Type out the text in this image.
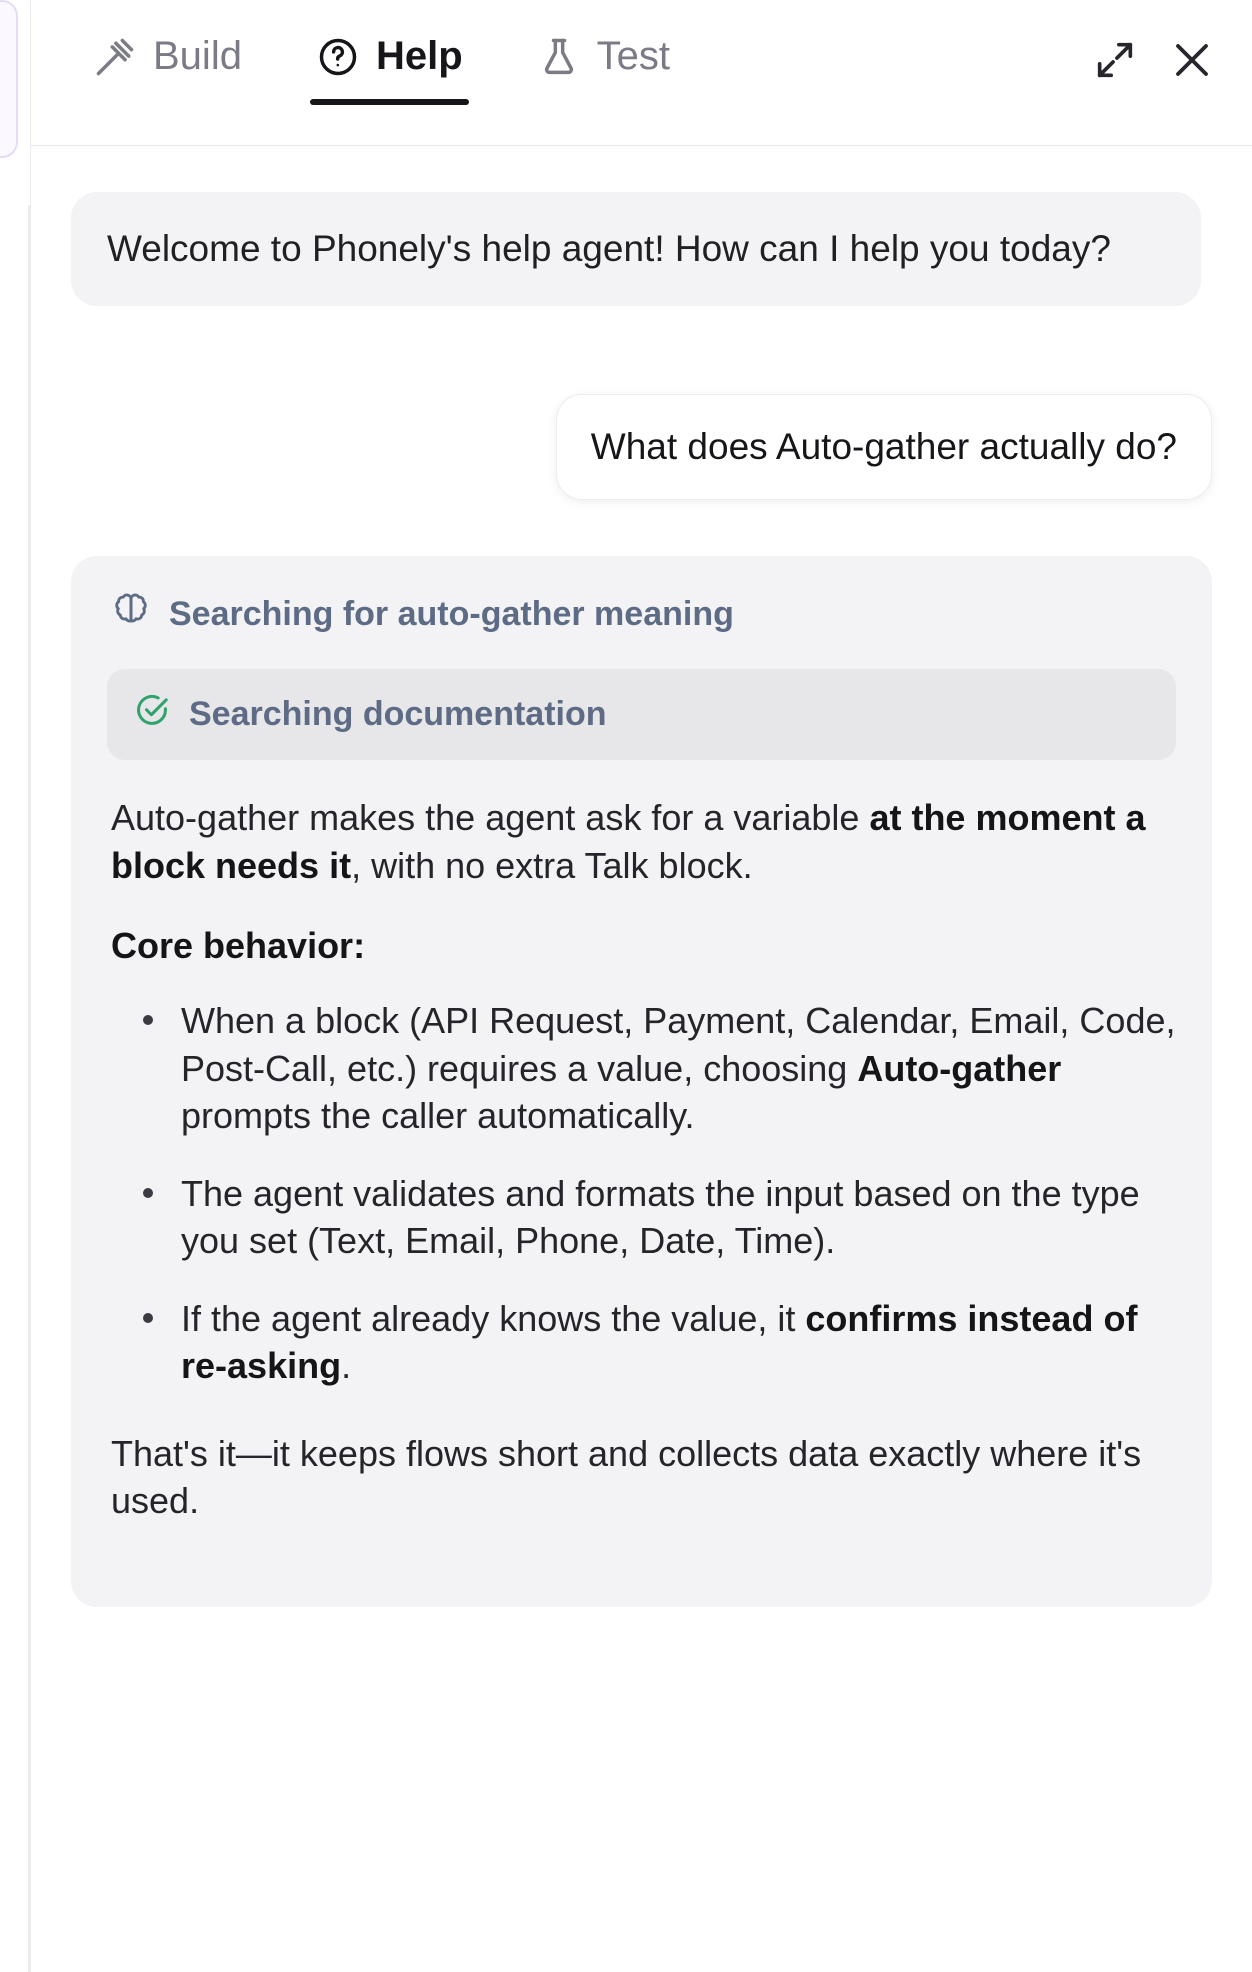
Build	Help	Test
Welcome to Phonely's help agent! How can I help you today?
What does Auto-gather actually do?
Searching for auto-gather meaning
Searching documentation

Auto-gather makes the agent ask for a variable at the moment a block needs it, with no extra Talk block.

Core behavior:
When a block (API Request, Payment, Calendar, Email, Code, Post-Call, etc.) requires a value, choosing Auto-gather prompts the caller automatically.
The agent validates and formats the input based on the type you set (Text, Email, Phone, Date, Time).
If the agent already knows the value, it confirms instead of re-asking.

That's it—it keeps flows short and collects data exactly where it's used.
